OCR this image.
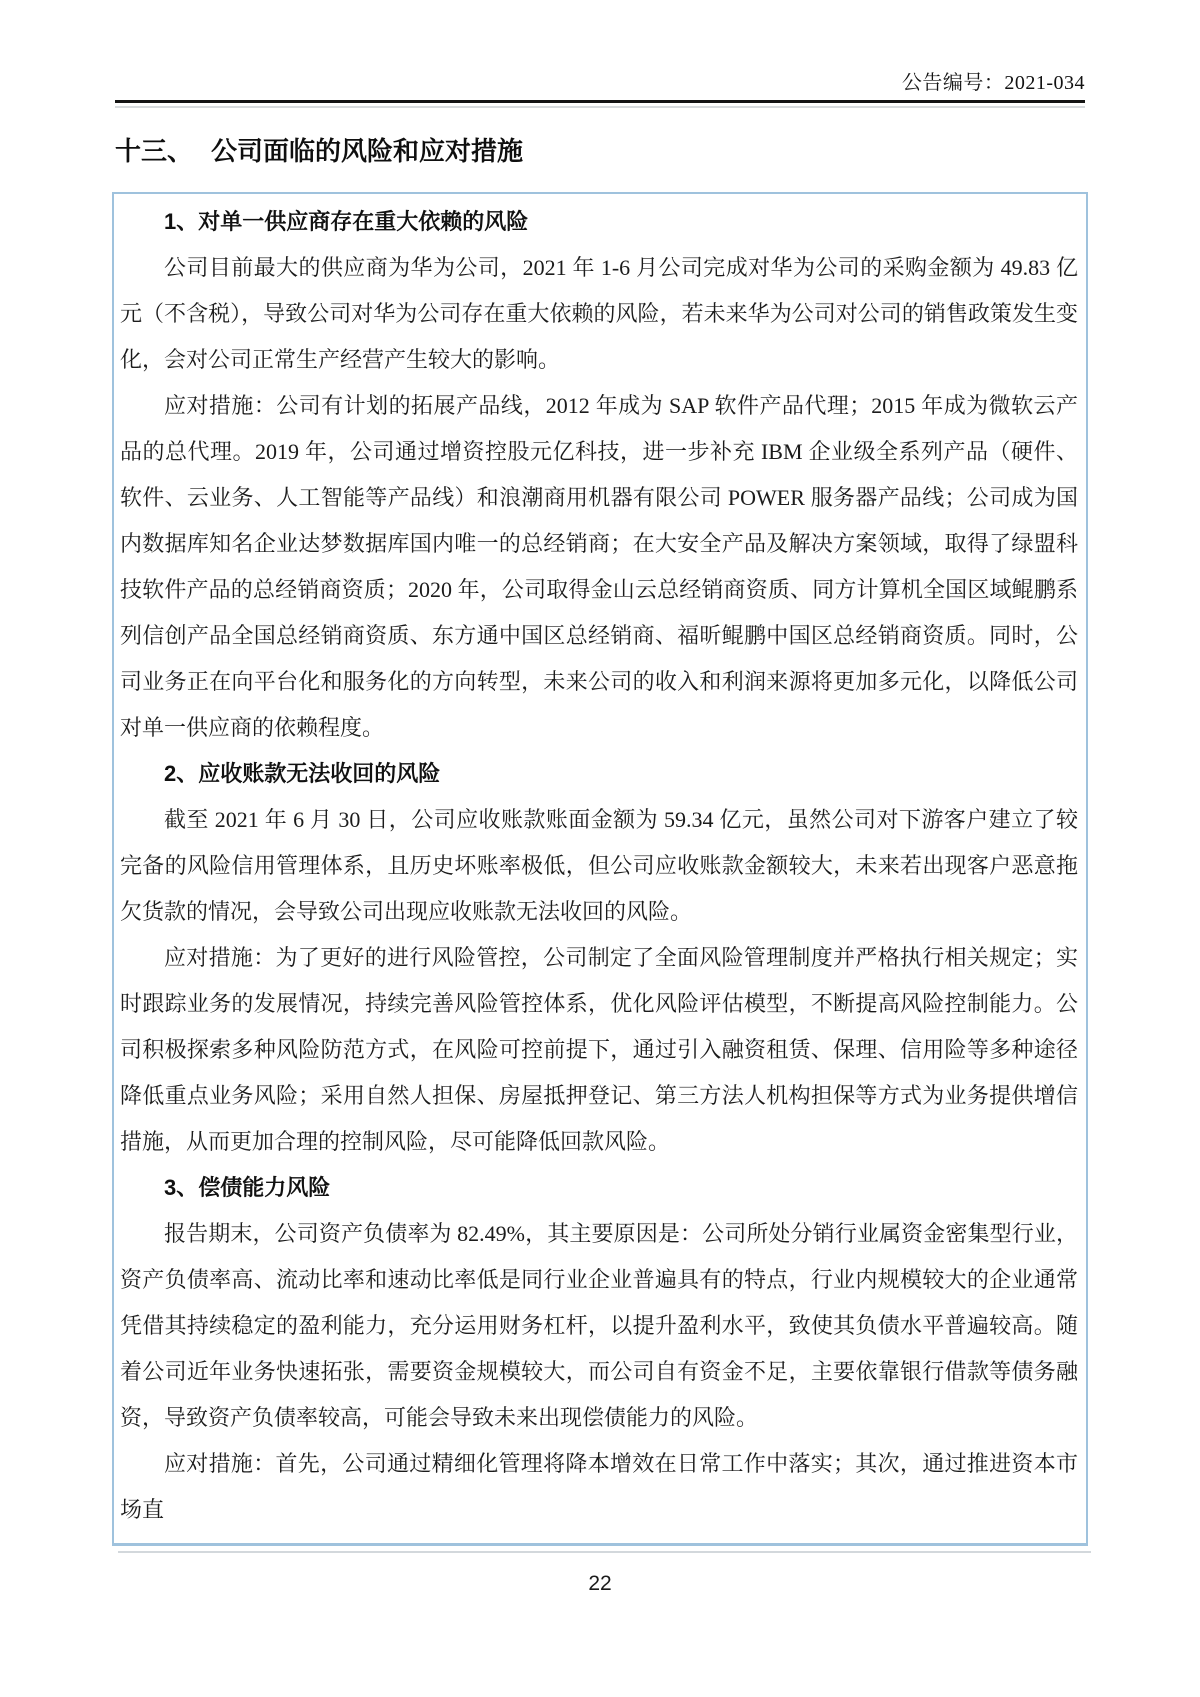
公告编号：2021-034
十三、 公司面临的风险和应对措施
1、对单一供应商存在重大依赖的风险

公司目前最大的供应商为华为公司，2021 年 1-6 月公司完成对华为公司的采购金额为 49.83 亿元（不含税），导致公司对华为公司存在重大依赖的风险，若未来华为公司对公司的销售政策发生变化，会对公司正常生产经营产生较大的影响。

应对措施：公司有计划的拓展产品线，2012 年成为 SAP 软件产品代理；2015 年成为微软云产品的总代理。2019 年，公司通过增资控股元亿科技，进一步补充 IBM 企业级全系列产品（硬件、软件、云业务、人工智能等产品线）和浪潮商用机器有限公司 POWER 服务器产品线；公司成为国内数据库知名企业达梦数据库国内唯一的总经销商；在大安全产品及解决方案领域，取得了绿盟科技软件产品的总经销商资质；2020 年，公司取得金山云总经销商资质、同方计算机全国区域鲲鹏系列信创产品全国总经销商资质、东方通中国区总经销商、福昕鲲鹏中国区总经销商资质。同时，公司业务正在向平台化和服务化的方向转型，未来公司的收入和利润来源将更加多元化，以降低公司对单一供应商的依赖程度。

2、应收账款无法收回的风险

截至 2021 年 6 月 30 日，公司应收账款账面金额为 59.34 亿元，虽然公司对下游客户建立了较完备的风险信用管理体系，且历史坏账率极低，但公司应收账款金额较大，未来若出现客户恶意拖欠货款的情况，会导致公司出现应收账款无法收回的风险。

应对措施：为了更好的进行风险管控，公司制定了全面风险管理制度并严格执行相关规定；实时跟踪业务的发展情况，持续完善风险管控体系，优化风险评估模型，不断提高风险控制能力。公司积极探索多种风险防范方式，在风险可控前提下，通过引入融资租赁、保理、信用险等多种途径降低重点业务风险；采用自然人担保、房屋抵押登记、第三方法人机构担保等方式为业务提供增信措施，从而更加合理的控制风险，尽可能降低回款风险。

3、偿债能力风险

报告期末，公司资产负债率为 82.49%，其主要原因是：公司所处分销行业属资金密集型行业，资产负债率高、流动比率和速动比率低是同行业企业普遍具有的特点，行业内规模较大的企业通常凭借其持续稳定的盈利能力，充分运用财务杠杆，以提升盈利水平，致使其负债水平普遍较高。随着公司近年业务快速拓张，需要资金规模较大，而公司自有资金不足，主要依靠银行借款等债务融资，导致资产负债率较高，可能会导致未来出现偿债能力的风险。

应对措施：首先，公司通过精细化管理将降本增效在日常工作中落实；其次，通过推进资本市场直

22
